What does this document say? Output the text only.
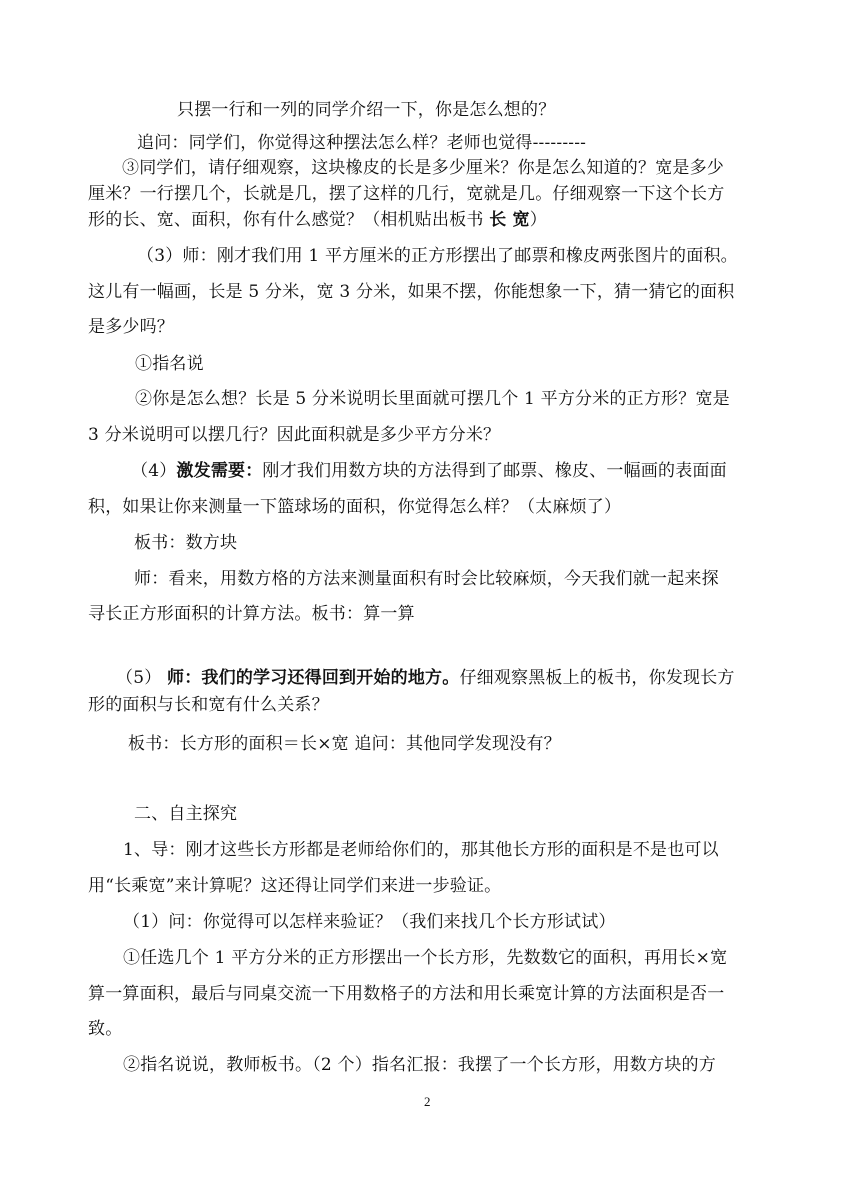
只摆一行和一列的同学介绍一下，你是怎么想的？
追问：同学们，你觉得这种摆法怎么样？老师也觉得---------
③同学们，请仔细观察，这块橡皮的长是多少厘米？你是怎么知道的？宽是多少
厘米？一行摆几个，长就是几，摆了这样的几行，宽就是几。仔细观察一下这个长方
形的长、宽、面积，你有什么感觉？（相机贴出板书 长 宽）
（3）师：刚才我们用 1 平方厘米的正方形摆出了邮票和橡皮两张图片的面积。
这儿有一幅画，长是 5 分米，宽 3 分米，如果不摆，你能想象一下，猜一猜它的面积
是多少吗？
①指名说
②你是怎么想？长是 5 分米说明长里面就可摆几个 1 平方分米的正方形？宽是
3 分米说明可以摆几行？因此面积就是多少平方分米？
（4）激发需要：刚才我们用数方块的方法得到了邮票、橡皮、一幅画的表面面
积，如果让你来测量一下篮球场的面积，你觉得怎么样？（太麻烦了）
板书：数方块
师：看来，用数方格的方法来测量面积有时会比较麻烦，今天我们就一起来探
寻长正方形面积的计算方法。板书：算一算
（5） 师：我们的学习还得回到开始的地方。仔细观察黑板上的板书，你发现长方
形的面积与长和宽有什么关系？
板书：长方形的面积＝长×宽 追问：其他同学发现没有？
二、自主探究
1、导：刚才这些长方形都是老师给你们的，那其他长方形的面积是不是也可以
用“长乘宽”来计算呢？这还得让同学们来进一步验证。
（1）问：你觉得可以怎样来验证？（我们来找几个长方形试试）
①任选几个 1 平方分米的正方形摆出一个长方形，先数数它的面积，再用长×宽
算一算面积，最后与同桌交流一下用数格子的方法和用长乘宽计算的方法面积是否一
致。
②指名说说，教师板书。（2 个）指名汇报：我摆了一个长方形，用数方块的方
2
